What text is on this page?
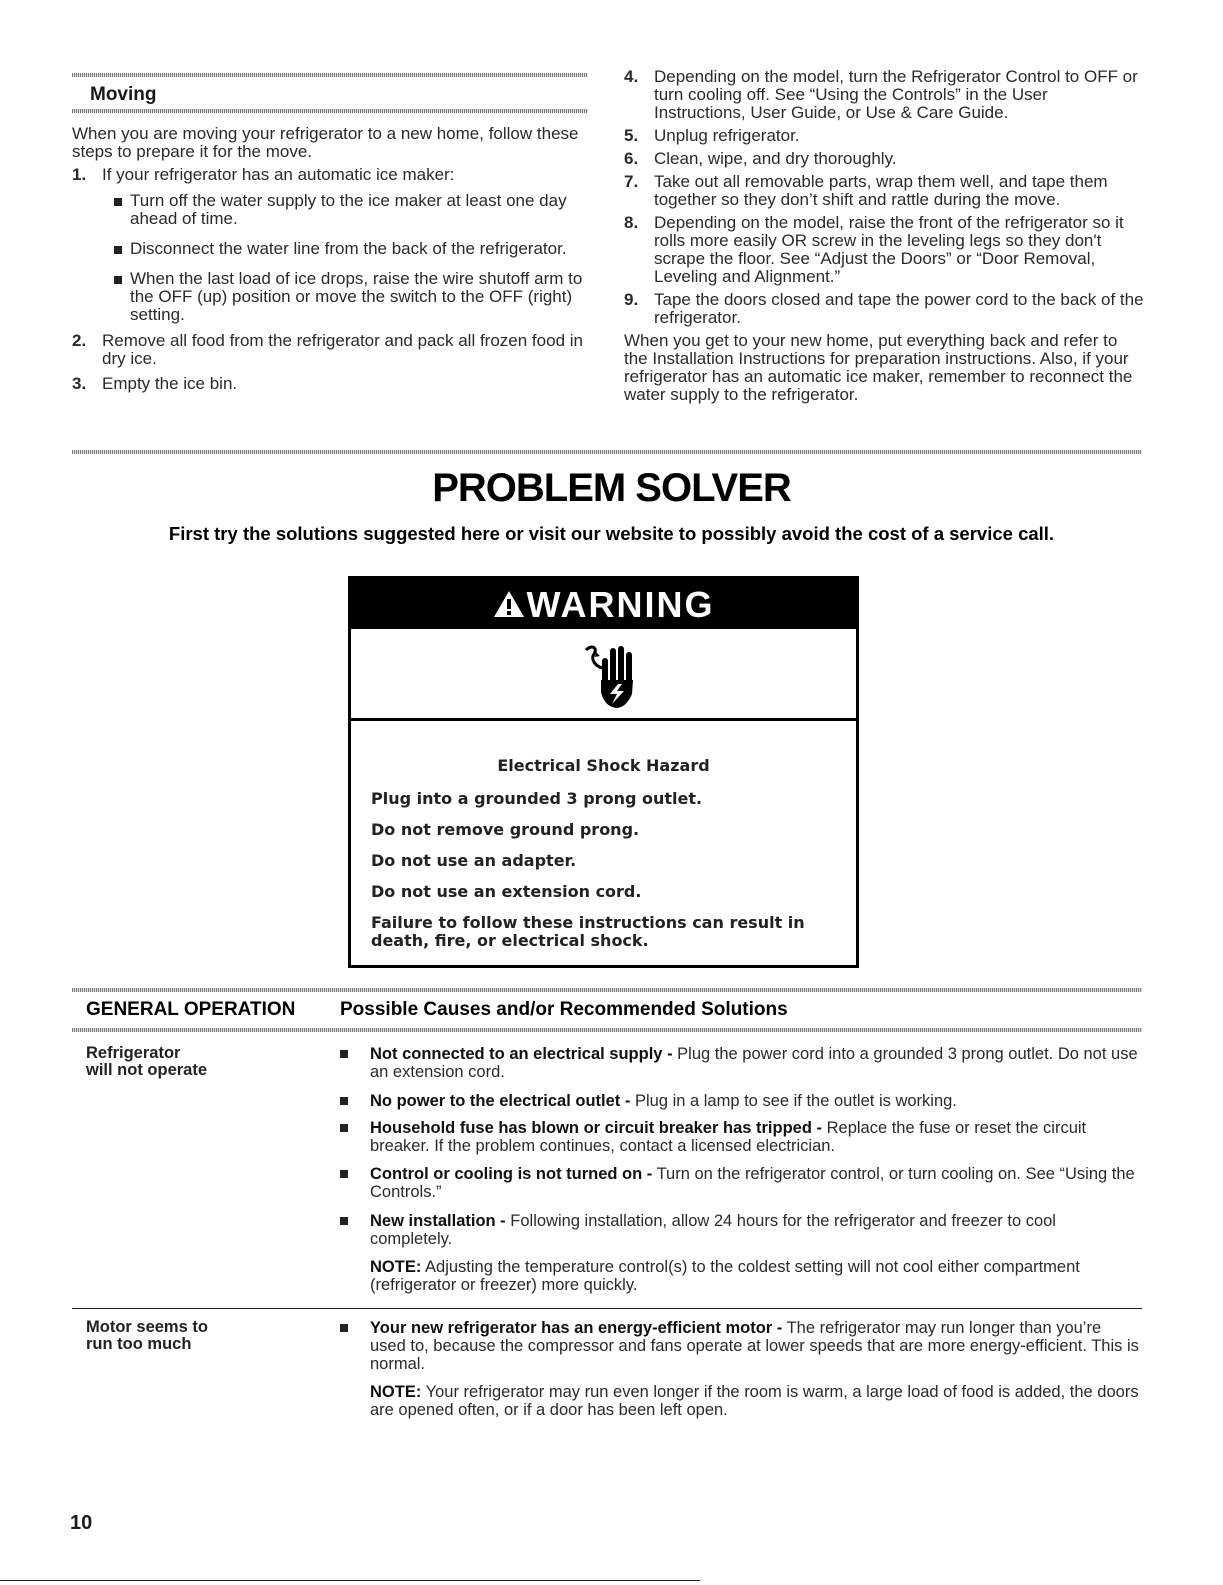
Moving

When you are moving your refrigerator to a new home, follow these steps to prepare it for the move.

1. If your refrigerator has an automatic ice maker:
Turn off the water supply to the ice maker at least one day ahead of time.
Disconnect the water line from the back of the refrigerator.
When the last load of ice drops, raise the wire shutoff arm to the OFF (up) position or move the switch to the OFF (right) setting.
2. Remove all food from the refrigerator and pack all frozen food in dry ice.
3. Empty the ice bin.
4. Depending on the model, turn the Refrigerator Control to OFF or turn cooling off. See “Using the Controls” in the User Instructions, User Guide, or Use & Care Guide.
5. Unplug refrigerator.
6. Clean, wipe, and dry thoroughly.
7. Take out all removable parts, wrap them well, and tape them together so they don’t shift and rattle during the move.
8. Depending on the model, raise the front of the refrigerator so it rolls more easily OR screw in the leveling legs so they don't scrape the floor. See “Adjust the Doors” or “Door Removal, Leveling and Alignment.”
9. Tape the doors closed and tape the power cord to the back of the refrigerator.

When you get to your new home, put everything back and refer to the Installation Instructions for preparation instructions. Also, if your refrigerator has an automatic ice maker, remember to reconnect the water supply to the refrigerator.

PROBLEM SOLVER
First try the solutions suggested here or visit our website to possibly avoid the cost of a service call.
WARNING
Electrical Shock Hazard
Plug into a grounded 3 prong outlet.
Do not remove ground prong.
Do not use an adapter.
Do not use an extension cord.
Failure to follow these instructions can result in death, fire, or electrical shock.
GENERAL OPERATION Possible Causes and/or Recommended Solutions
Refrigerator
will not operate
Not connected to an electrical supply - Plug the power cord into a grounded 3 prong outlet. Do not use an extension cord.
No power to the electrical outlet - Plug in a lamp to see if the outlet is working.
Household fuse has blown or circuit breaker has tripped - Replace the fuse or reset the circuit breaker. If the problem continues, contact a licensed electrician.
Control or cooling is not turned on - Turn on the refrigerator control, or turn cooling on. See “Using the Controls.”
New installation - Following installation, allow 24 hours for the refrigerator and freezer to cool completely.
NOTE: Adjusting the temperature control(s) to the coldest setting will not cool either compartment (refrigerator or freezer) more quickly.
Motor seems to
run too much
Your new refrigerator has an energy-efficient motor - The refrigerator may run longer than you’re used to, because the compressor and fans operate at lower speeds that are more energy-efficient. This is normal.
NOTE: Your refrigerator may run even longer if the room is warm, a large load of food is added, the doors are opened often, or if a door has been left open.
10
